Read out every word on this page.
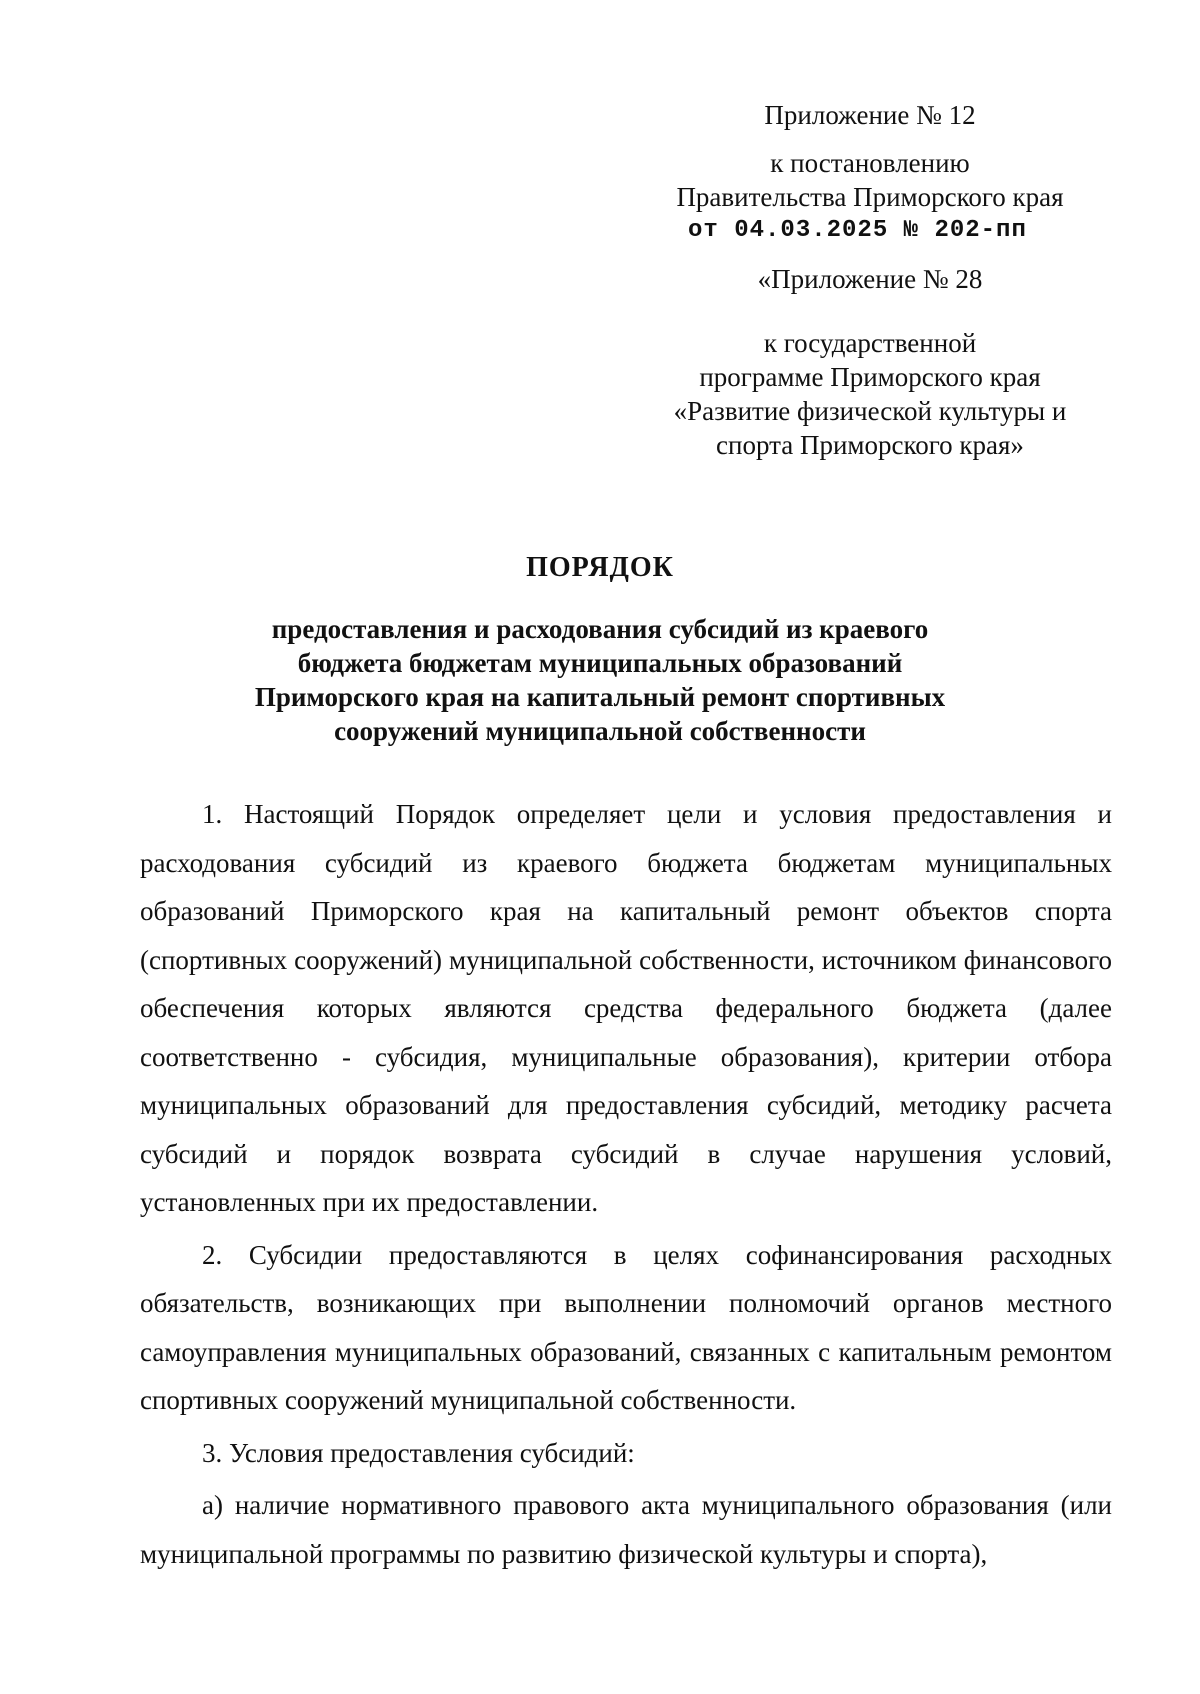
Приложение № 12
к постановлению
Правительства Приморского края
от 04.03.2025 № 202-пп
«Приложение № 28
к государственной
программе Приморского края
«Развитие физической культуры и
спорта Приморского края»
ПОРЯДОК
предоставления и расходования субсидий из краевого
бюджета бюджетам муниципальных образований
Приморского края на капитальный ремонт спортивных
сооружений муниципальной собственности

1. Настоящий Порядок определяет цели и условия предоставления и расходования субсидий из краевого бюджета бюджетам муниципальных образований Приморского края на капитальный ремонт объектов спорта (спортивных сооружений) муниципальной собственности, источником финансового обеспечения которых являются средства федерального бюджета (далее соответственно - субсидия, муниципальные образования), критерии отбора муниципальных образований для предоставления субсидий, методику расчета субсидий и порядок возврата субсидий в случае нарушения условий, установленных при их предоставлении.

2. Субсидии предоставляются в целях софинансирования расходных обязательств, возникающих при выполнении полномочий органов местного самоуправления муниципальных образований, связанных с капитальным ремонтом спортивных сооружений муниципальной собственности.

3. Условия предоставления субсидий:

а) наличие нормативного правового акта муниципального образования (или муниципальной программы по развитию физической культуры и спорта),
